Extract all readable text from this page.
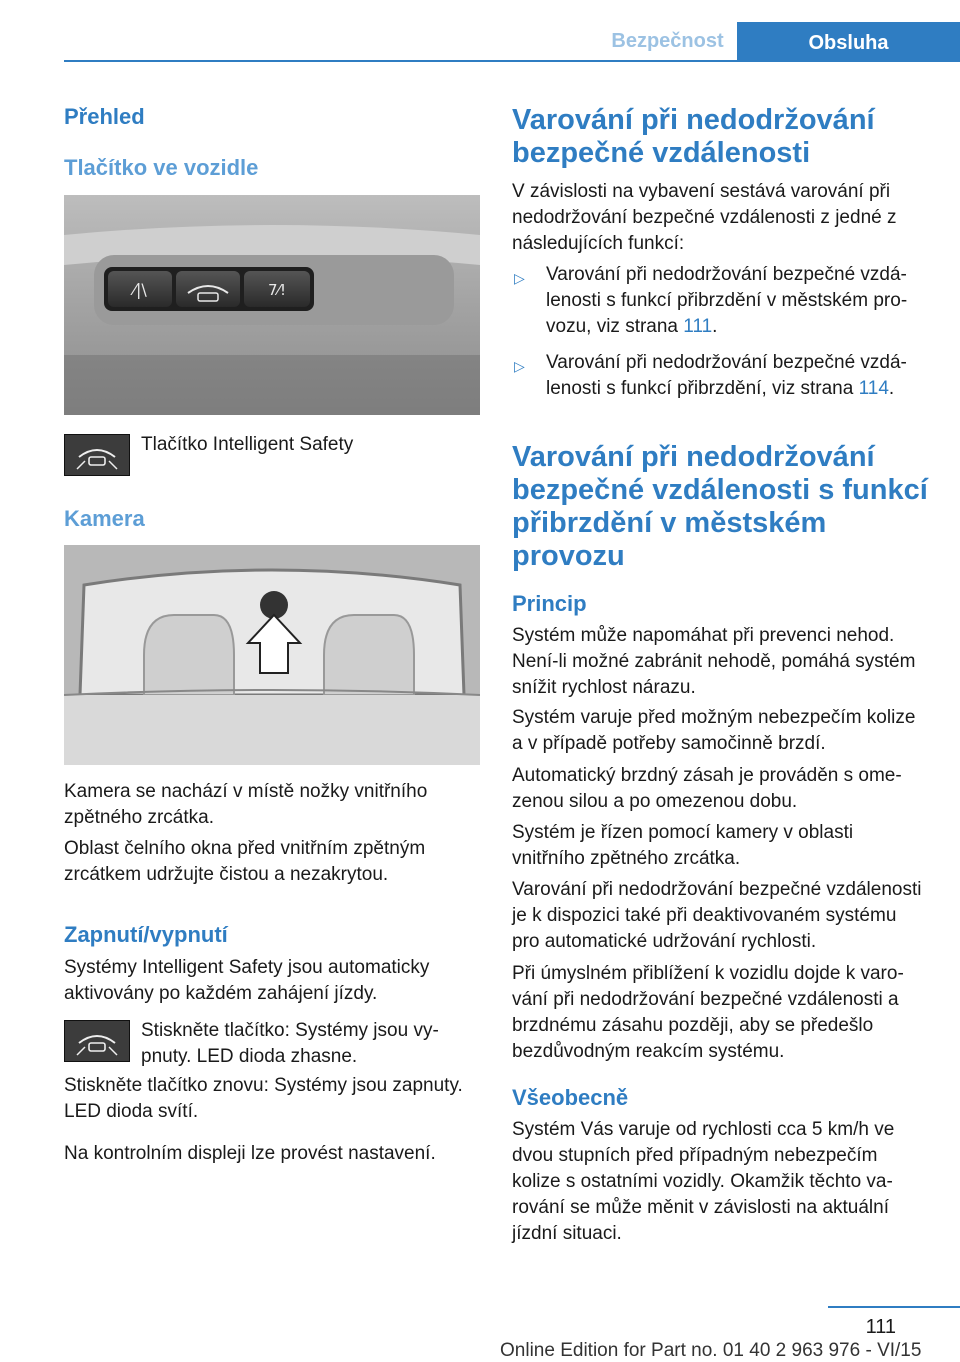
Bezpečnost	Obsluha
Přehled
Tlačítko ve vozidle
⁄|\	7⁄!

Tlačítko Intelligent Safety

Kamera

Kamera se nachází v místě nožky vnitřního zpětného zrcátka.

Oblast čelního okna před vnitřním zpětným zrcátkem udržujte čistou a nezakrytou.

Zapnutí/vypnutí

Systémy Intelligent Safety jsou automaticky aktivovány po každém zahájení jízdy.

Stiskněte tlačítko: Systémy jsou vypnuty. LED dioda zhasne.

Stiskněte tlačítko znovu: Systémy jsou zapnuty. LED dioda svítí.

Na kontrolním displeji lze provést nastavení.

Varování při nedodržování bezpečné vzdálenosti

V závislosti na vybavení sestává varování při nedodržování bezpečné vzdálenosti z jedné z následujících funkcí:

▷ Varování při nedodržování bezpečné vzdálenosti s funkcí přibrzdění v městském provozu, viz strana 111.
▷ Varování při nedodržování bezpečné vzdálenosti s funkcí přibrzdění, viz strana 114.
Varování při nedodržování bezpečné vzdálenosti s funkcí přibrzdění v městském provozu
Princip

Systém může napomáhat při prevenci nehod. Není-li možné zabránit nehodě, pomáhá systém snížit rychlost nárazu.

Systém varuje před možným nebezpečím kolize a v případě potřeby samočinně brzdí.

Automatický brzdný zásah je prováděn s omezenou silou a po omezenou dobu.

Systém je řízen pomocí kamery v oblasti vnitřního zpětného zrcátka.

Varování při nedodržování bezpečné vzdálenosti je k dispozici také při deaktivovaném systému pro automatické udržování rychlosti.

Při úmyslném přiblížení k vozidlu dojde k varování při nedodržování bezpečné vzdálenosti a brzdnému zásahu později, aby se předešlo bezdůvodným reakcím systému.

Všeobecně

Systém Vás varuje od rychlosti cca 5 km/h ve dvou stupních před případným nebezpečím kolize s ostatními vozidly. Okamžik těchto varování se může měnit v závislosti na aktuální jízdní situaci.

111
Online Edition for Part no. 01 40 2 963 976 - VI/15
